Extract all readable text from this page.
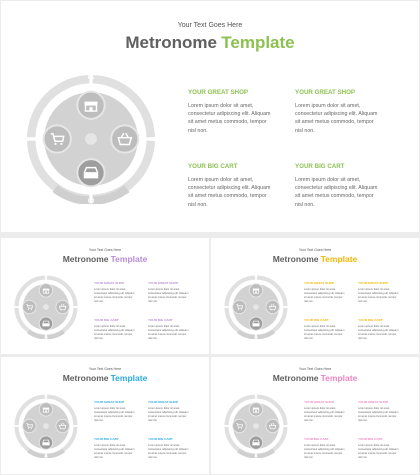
Your Text Goes Here
Metronome Template
01
02
03
04
YOUR GREAT SHOP
Lorem ipsum dolor sit amet,
consectetur adipiscing elit. Aliquam
sit amet metus commodo, tempor
nisl non.
YOUR GREAT SHOP
Lorem ipsum dolor sit amet,
consectetur adipiscing elit. Aliquam
sit amet metus commodo, tempor
nisl non.
YOUR BIG CART
Lorem ipsum dolor sit amet,
consectetur adipiscing elit. Aliquam
sit amet metus commodo, tempor
nisl non.
YOUR BIG CART
Lorem ipsum dolor sit amet,
consectetur adipiscing elit. Aliquam
sit amet metus commodo, tempor
nisl non.
Your Text Goes Here
Metronome Template
01
02
03
04
YOUR GREAT SHOP
Lorem ipsum dolor sit amet,
consectetur adipiscing elit. Aliquam
sit amet metus commodo, tempor
nisl non.
YOUR GREAT SHOP
Lorem ipsum dolor sit amet,
consectetur adipiscing elit. Aliquam
sit amet metus commodo, tempor
nisl non.
YOUR BIG CART
Lorem ipsum dolor sit amet,
consectetur adipiscing elit. Aliquam
sit amet metus commodo, tempor
nisl non.
YOUR BIG CART
Lorem ipsum dolor sit amet,
consectetur adipiscing elit. Aliquam
sit amet metus commodo, tempor
nisl non.
Your Text Goes Here
Metronome Template
01
02
03
04
YOUR GREAT SHOP
Lorem ipsum dolor sit amet,
consectetur adipiscing elit. Aliquam
sit amet metus commodo, tempor
nisl non.
YOUR GREAT SHOP
Lorem ipsum dolor sit amet,
consectetur adipiscing elit. Aliquam
sit amet metus commodo, tempor
nisl non.
YOUR BIG CART
Lorem ipsum dolor sit amet,
consectetur adipiscing elit. Aliquam
sit amet metus commodo, tempor
nisl non.
YOUR BIG CART
Lorem ipsum dolor sit amet,
consectetur adipiscing elit. Aliquam
sit amet metus commodo, tempor
nisl non.
Your Text Goes Here
Metronome Template
01
02
03
04
YOUR GREAT SHOP
Lorem ipsum dolor sit amet,
consectetur adipiscing elit. Aliquam
sit amet metus commodo, tempor
nisl non.
YOUR GREAT SHOP
Lorem ipsum dolor sit amet,
consectetur adipiscing elit. Aliquam
sit amet metus commodo, tempor
nisl non.
YOUR BIG CART
Lorem ipsum dolor sit amet,
consectetur adipiscing elit. Aliquam
sit amet metus commodo, tempor
nisl non.
YOUR BIG CART
Lorem ipsum dolor sit amet,
consectetur adipiscing elit. Aliquam
sit amet metus commodo, tempor
nisl non.
Your Text Goes Here
Metronome Template
01
02
03
04
YOUR GREAT SHOP
Lorem ipsum dolor sit amet,
consectetur adipiscing elit. Aliquam
sit amet metus commodo, tempor
nisl non.
YOUR GREAT SHOP
Lorem ipsum dolor sit amet,
consectetur adipiscing elit. Aliquam
sit amet metus commodo, tempor
nisl non.
YOUR BIG CART
Lorem ipsum dolor sit amet,
consectetur adipiscing elit. Aliquam
sit amet metus commodo, tempor
nisl non.
YOUR BIG CART
Lorem ipsum dolor sit amet,
consectetur adipiscing elit. Aliquam
sit amet metus commodo, tempor
nisl non.
